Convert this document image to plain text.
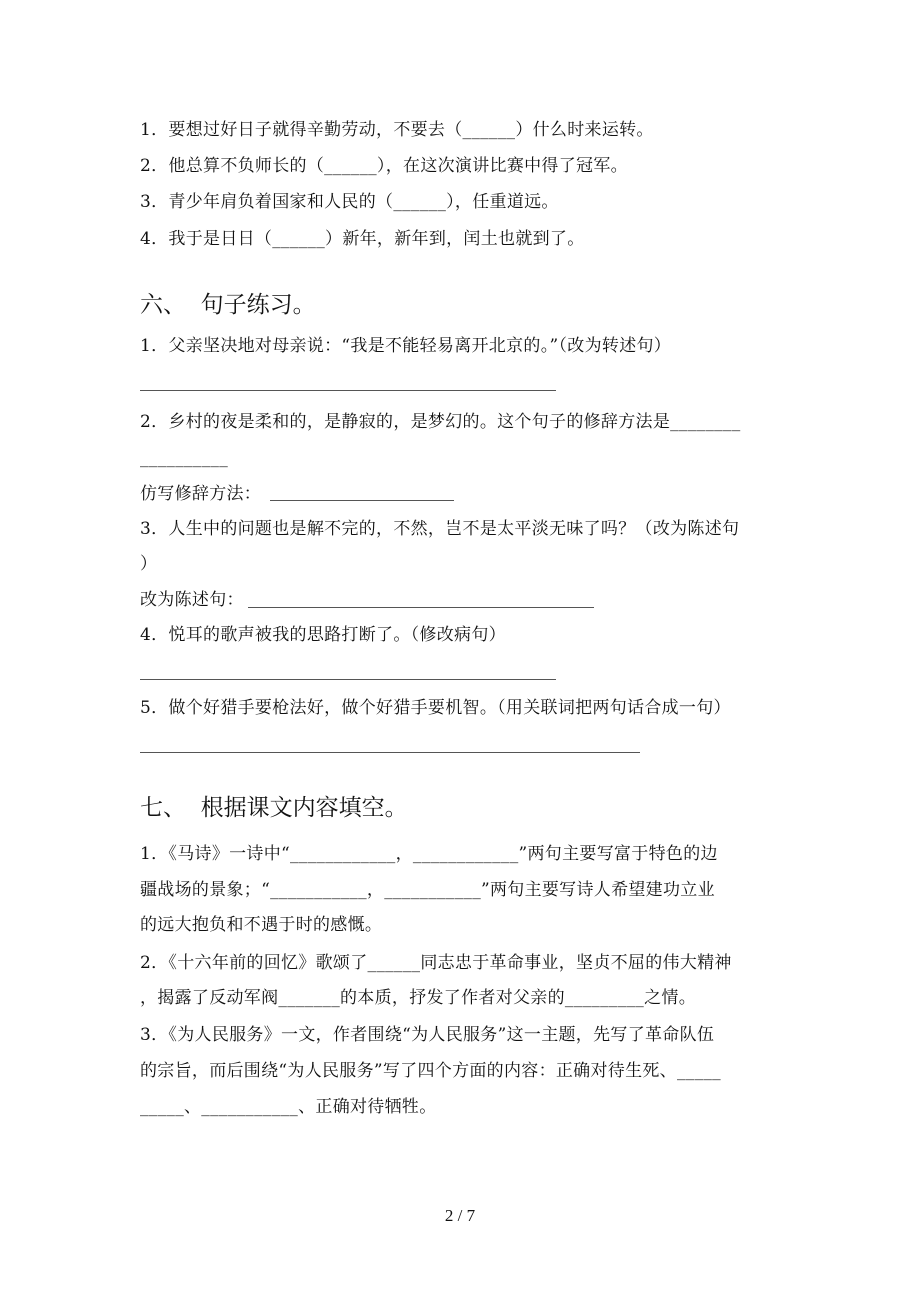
1．要想过好日子就得辛勤劳动，不要去（______）什么时来运转。
2．他总算不负师长的（______），在这次演讲比赛中得了冠军。
3．青少年肩负着国家和人民的（______），任重道远。
4．我于是日日（______）新年，新年到，闰土也就到了。
六、  句子练习。
1．父亲坚决地对母亲说：“我是不能轻易离开北京的。”（改为转述句）
2．乡村的夜是柔和的，是静寂的，是梦幻的。这个句子的修辞方法是________
__________
仿写修辞方法：
3．人生中的问题也是解不完的，不然，岂不是太平淡无味了吗？（改为陈述句
）
改为陈述句：
4．悦耳的歌声被我的思路打断了。（修改病句）
5．做个好猎手要枪法好，做个好猎手要机智。（用关联词把两句话合成一句）
七、  根据课文内容填空。
1．《马诗》一诗中“____________，____________”两句主要写富于特色的边
疆战场的景象；“___________，___________”两句主要写诗人希望建功立业
的远大抱负和不遇于时的感慨。
2．《十六年前的回忆》歌颂了______同志忠于革命事业，坚贞不屈的伟大精神
，揭露了反动军阀_______的本质，抒发了作者对父亲的_________之情。
3．《为人民服务》一文，作者围绕“为人民服务”这一主题，先写了革命队伍
的宗旨，而后围绕“为人民服务”写了四个方面的内容：正确对待生死、_____
_____、___________、正确对待牺牲。
2 / 7
